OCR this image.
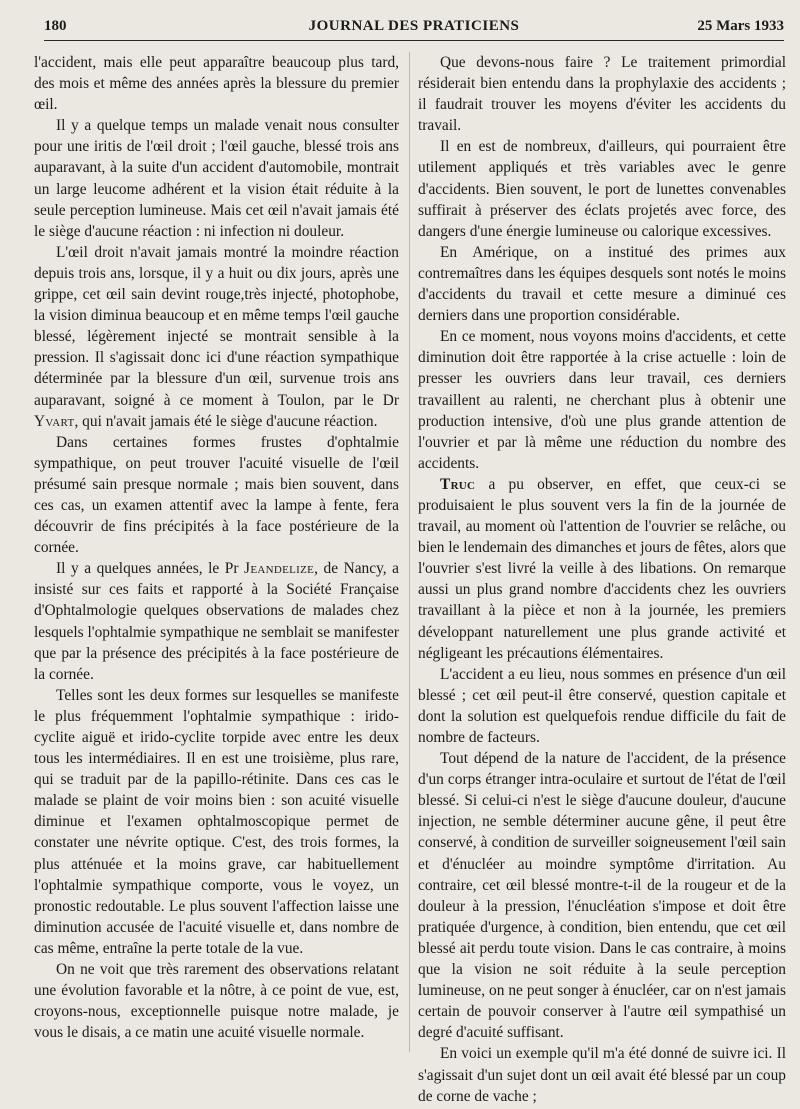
180	JOURNAL DES PRATICIENS	25 Mars 1933

l'accident, mais elle peut apparaître beaucoup plus tard, des mois et même des années après la blessure du premier œil.

Il y a quelque temps un malade venait nous consulter pour une iritis de l'œil droit ; l'œil gauche, blessé trois ans auparavant, à la suite d'un accident d'automobile, montrait un large leucome adhérent et la vision était réduite à la seule perception lumineuse. Mais cet œil n'avait jamais été le siège d'aucune réaction : ni infection ni douleur.

L'œil droit n'avait jamais montré la moindre réaction depuis trois ans, lorsque, il y a huit ou dix jours, après une grippe, cet œil sain devint rouge,très injecté, photophobe, la vision diminua beaucoup et en même temps l'œil gauche blessé, légèrement injecté se montrait sensible à la pression. Il s'agissait donc ici d'une réaction sympathique déterminée par la blessure d'un œil, survenue trois ans auparavant, soigné à ce moment à Toulon, par le Dr Yvart, qui n'avait jamais été le siège d'aucune réaction.

Dans certaines formes frustes d'ophtalmie sympathique, on peut trouver l'acuité visuelle de l'œil présumé sain presque normale ; mais bien souvent, dans ces cas, un examen attentif avec la lampe à fente, fera découvrir de fins précipités à la face postérieure de la cornée.

Il y a quelques années, le Pr Jeandelize, de Nancy, a insisté sur ces faits et rapporté à la Société Française d'Ophtalmologie quelques observations de malades chez lesquels l'ophtalmie sympathique ne semblait se manifester que par la présence des précipités à la face postérieure de la cornée.

Telles sont les deux formes sur lesquelles se manifeste le plus fréquemment l'ophtalmie sympathique : irido-cyclite aiguë et irido-cyclite torpide avec entre les deux tous les intermédiaires. Il en est une troisième, plus rare, qui se traduit par de la papillo-rétinite. Dans ces cas le malade se plaint de voir moins bien : son acuité visuelle diminue et l'examen ophtalmoscopique permet de constater une névrite optique. C'est, des trois formes, la plus atténuée et la moins grave, car habituellement l'ophtalmie sympathique comporte, vous le voyez, un pronostic redoutable. Le plus souvent l'affection laisse une diminution accusée de l'acuité visuelle et, dans nombre de cas même, entraîne la perte totale de la vue.

On ne voit que très rarement des observations relatant une évolution favorable et la nôtre, à ce point de vue, est, croyons-nous, exceptionnelle puisque notre malade, je vous le disais, a ce matin une acuité visuelle normale.

Que devons-nous faire ? Le traitement primordial résiderait bien entendu dans la prophylaxie des accidents ; il faudrait trouver les moyens d'éviter les accidents du travail.

Il en est de nombreux, d'ailleurs, qui pourraient être utilement appliqués et très variables avec le genre d'accidents. Bien souvent, le port de lunettes convenables suffirait à préserver des éclats projetés avec force, des dangers d'une énergie lumineuse ou calorique excessives.

En Amérique, on a institué des primes aux contremaîtres dans les équipes desquels sont notés le moins d'accidents du travail et cette mesure a diminué ces derniers dans une proportion considérable.

En ce moment, nous voyons moins d'accidents, et cette diminution doit être rapportée à la crise actuelle : loin de presser les ouvriers dans leur travail, ces derniers travaillent au ralenti, ne cherchant plus à obtenir une production intensive, d'où une plus grande attention de l'ouvrier et par là même une réduction du nombre des accidents.

Truc a pu observer, en effet, que ceux-ci se produisaient le plus souvent vers la fin de la journée de travail, au moment où l'attention de l'ouvrier se relâche, ou bien le lendemain des dimanches et jours de fêtes, alors que l'ouvrier s'est livré la veille à des libations. On remarque aussi un plus grand nombre d'accidents chez les ouvriers travaillant à la pièce et non à la journée, les premiers développant naturellement une plus grande activité et négligeant les précautions élémentaires.

L'accident a eu lieu, nous sommes en présence d'un œil blessé ; cet œil peut-il être conservé, question capitale et dont la solution est quelquefois rendue difficile du fait de nombre de facteurs.

Tout dépend de la nature de l'accident, de la présence d'un corps étranger intra-oculaire et surtout de l'état de l'œil blessé. Si celui-ci n'est le siège d'aucune douleur, d'aucune injection, ne semble déterminer aucune gêne, il peut être conservé, à condition de surveiller soigneusement l'œil sain et d'énucléer au moindre symptôme d'irritation. Au contraire, cet œil blessé montre-t-il de la rougeur et de la douleur à la pression, l'énucléation s'impose et doit être pratiquée d'urgence, à condition, bien entendu, que cet œil blessé ait perdu toute vision. Dans le cas contraire, à moins que la vision ne soit réduite à la seule perception lumineuse, on ne peut songer à énucléer, car on n'est jamais certain de pouvoir conserver à l'autre œil sympathisé un degré d'acuité suffisant.

En voici un exemple qu'il m'a été donné de suivre ici. Il s'agissait d'un sujet dont un œil avait été blessé par un coup de corne de vache ;
